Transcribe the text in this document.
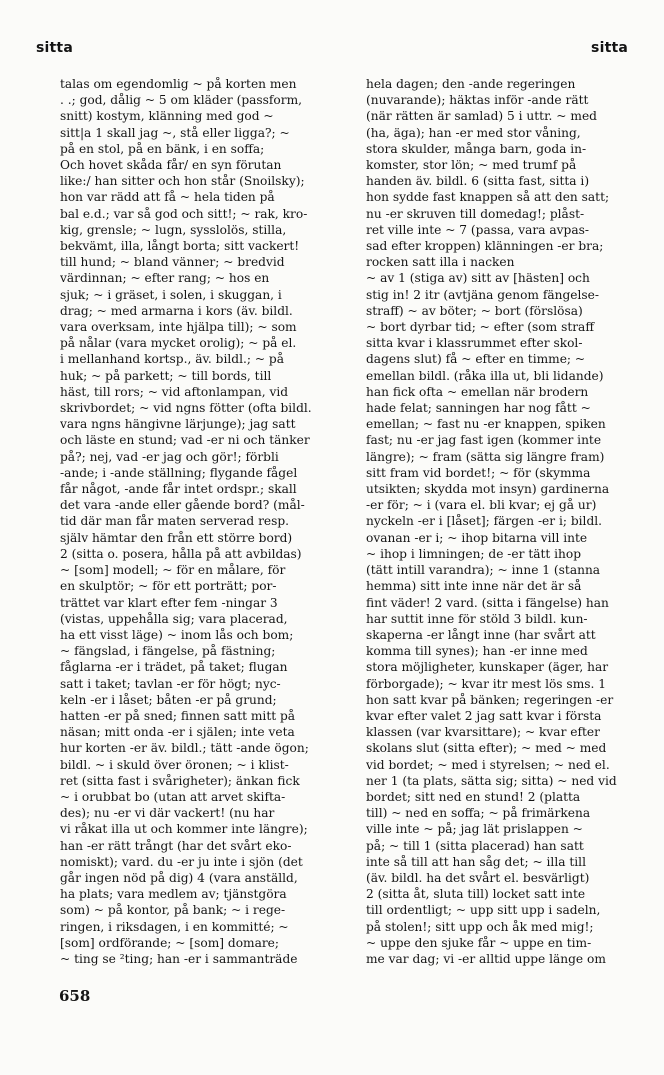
sitta	sitta
talas om egendomlig ~ på korten men
. .; god, dålig ~ 5 om kläder (passform,
snitt) kostym, klänning med god ~
sitt|a 1 skall jag ~, stå eller ligga?; ~
på en stol, på en bänk, i en soffa;
Och hovet skåda får/ en syn förutan
like:/ han sitter och hon står (Snoilsky);
hon var rädd att få ~ hela tiden på
bal e.d.; var så god och sitt!; ~ rak, kro-
kig, grensle; ~ lugn, sysslolös, stilla,
bekvämt, illa, långt borta; sitt vackert!
till hund; ~ bland vänner; ~ bredvid
värdinnan; ~ efter rang; ~ hos en
sjuk; ~ i gräset, i solen, i skuggan, i
drag; ~ med armarna i kors (äv. bildl.
vara overksam, inte hjälpa till); ~ som
på nålar (vara mycket orolig); ~ på el.
i mellanhand kortsp., äv. bildl.; ~ på
huk; ~ på parkett; ~ till bords, till
häst, till rors; ~ vid aftonlampan, vid
skrivbordet; ~ vid ngns fötter (ofta bildl.
vara ngns hängivne lärjunge); jag satt
och läste en stund; vad -er ni och tänker
på?; nej, vad -er jag och gör!; förbli
-ande; i -ande ställning; flygande fågel
får något, -ande får intet ordspr.; skall
det vara -ande eller gående bord? (mål-
tid där man får maten serverad resp.
själv hämtar den från ett större bord)
2 (sitta o. posera, hålla på att avbildas)
~ [som] modell; ~ för en målare, för
en skulptör; ~ för ett porträtt; por-
trättet var klart efter fem -ningar 3
(vistas, uppehålla sig; vara placerad,
ha ett visst läge) ~ inom lås och bom;
~ fängslad, i fängelse, på fästning;
fåglarna -er i trädet, på taket; flugan
satt i taket; tavlan -er för högt; nyc-
keln -er i låset; båten -er på grund;
hatten -er på sned; finnen satt mitt på
näsan; mitt onda -er i själen; inte veta
hur korten -er äv. bildl.; tätt -ande ögon;
bildl. ~ i skuld över öronen; ~ i klist-
ret (sitta fast i svårigheter); änkan fick
~ i orubbat bo (utan att arvet skifta-
des); nu -er vi där vackert! (nu har
vi råkat illa ut och kommer inte längre);
han -er rätt trångt (har det svårt eko-
nomiskt); vard. du -er ju inte i sjön (det
går ingen nöd på dig) 4 (vara anställd,
ha plats; vara medlem av; tjänstgöra
som) ~ på kontor, på bank; ~ i rege-
ringen, i riksdagen, i en kommitté; ~
[som] ordförande; ~ [som] domare;
~ ting se ²ting; han -er i sammanträde
hela dagen; den -ande regeringen
(nuvarande); häktas inför -ande rätt
(när rätten är samlad) 5 i uttr. ~ med
(ha, äga); han -er med stor våning,
stora skulder, många barn, goda in-
komster, stor lön; ~ med trumf på
handen äv. bildl. 6 (sitta fast, sitta i)
hon sydde fast knappen så att den satt;
nu -er skruven till domedag!; plåst-
ret ville inte ~ 7 (passa, vara avpas-
sad efter kroppen) klänningen -er bra;
rocken satt illa i nacken
~ av 1 (stiga av) sitt av [hästen] och
stig in! 2 itr (avtjäna genom fängelse-
straff) ~ av böter; ~ bort (förslösa)
~ bort dyrbar tid; ~ efter (som straff
sitta kvar i klassrummet efter skol-
dagens slut) få ~ efter en timme; ~
emellan bildl. (råka illa ut, bli lidande)
han fick ofta ~ emellan när brodern
hade felat; sanningen har nog fått ~
emellan; ~ fast nu -er knappen, spiken
fast; nu -er jag fast igen (kommer inte
längre); ~ fram (sätta sig längre fram)
sitt fram vid bordet!; ~ för (skymma
utsikten; skydda mot insyn) gardinerna
-er för; ~ i (vara el. bli kvar; ej gå ur)
nyckeln -er i [låset]; färgen -er i; bildl.
ovanan -er i; ~ ihop bitarna vill inte
~ ihop i limningen; de -er tätt ihop
(tätt intill varandra); ~ inne 1 (stanna
hemma) sitt inte inne när det är så
fint väder! 2 vard. (sitta i fängelse) han
har suttit inne för stöld 3 bildl. kun-
skaperna -er långt inne (har svårt att
komma till synes); han -er inne med
stora möjligheter, kunskaper (äger, har
förborgade); ~ kvar itr mest lös sms. 1
hon satt kvar på bänken; regeringen -er
kvar efter valet 2 jag satt kvar i första
klassen (var kvarsittare); ~ kvar efter
skolans slut (sitta efter); ~ med ~ med
vid bordet; ~ med i styrelsen; ~ ned el.
ner 1 (ta plats, sätta sig; sitta) ~ ned vid
bordet; sitt ned en stund! 2 (platta
till) ~ ned en soffa; ~ på frimärkena
ville inte ~ på; jag lät prislappen ~
på; ~ till 1 (sitta placerad) han satt
inte så till att han såg det; ~ illa till
(äv. bildl. ha det svårt el. besvärligt)
2 (sitta åt, sluta till) locket satt inte
till ordentligt; ~ upp sitt upp i sadeln,
på stolen!; sitt upp och åk med mig!;
~ uppe den sjuke får ~ uppe en tim-
me var dag; vi -er alltid uppe länge om
658
